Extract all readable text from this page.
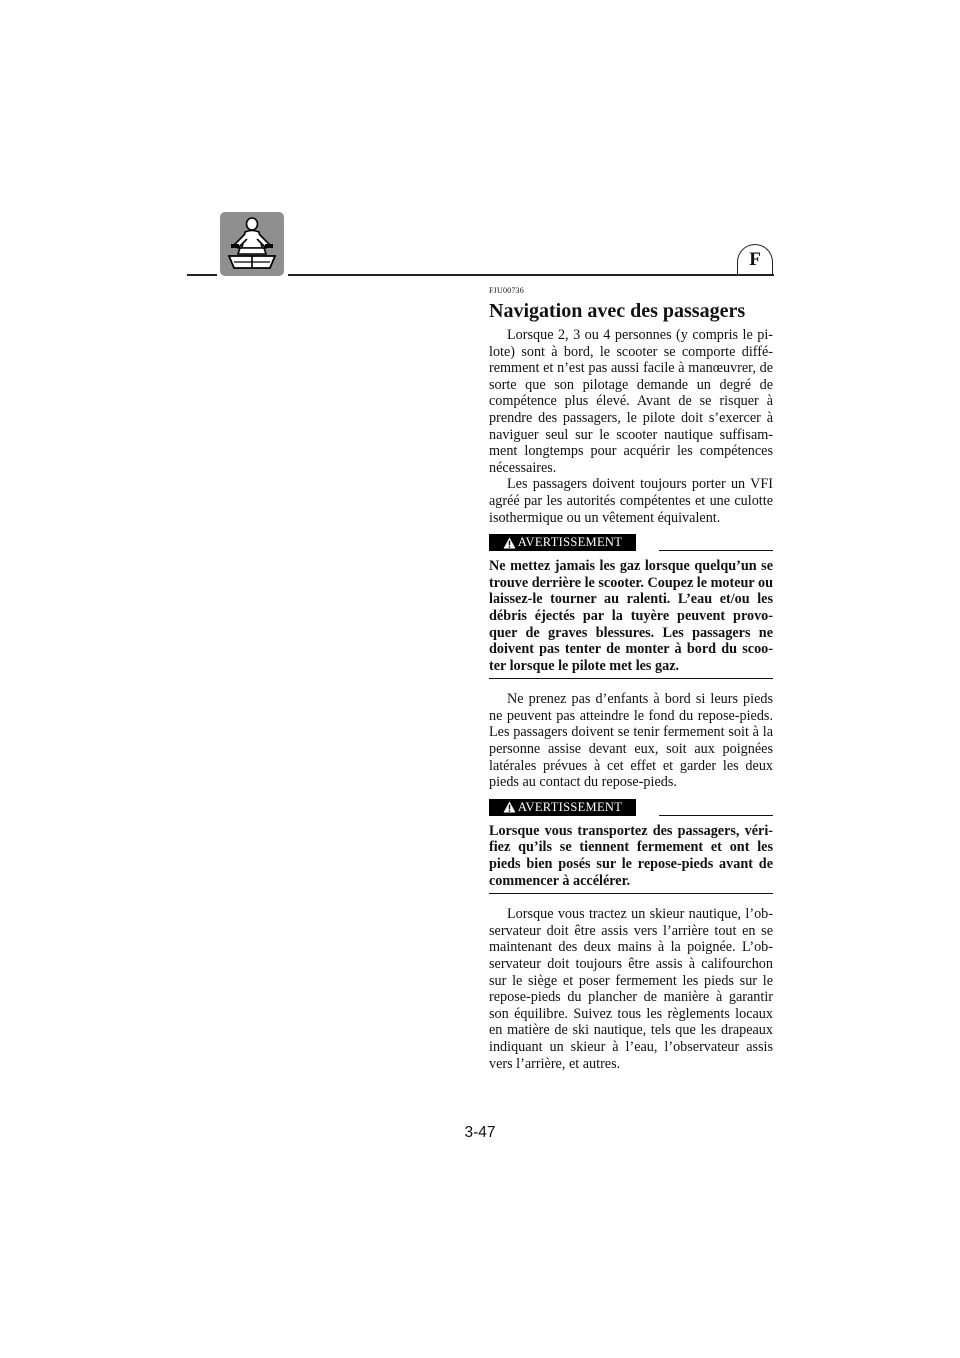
F
FJU00736
Navigation avec des passagers

Lorsque 2, 3 ou 4 personnes (y compris le pi-lote) sont à bord, le scooter se comporte diffé-remment et n’est pas aussi facile à manœuvrer, de sorte que son pilotage demande un degré de compétence plus élevé. Avant de se risquer à prendre des passagers, le pilote doit s’exercer à naviguer seul sur le scooter nautique suffisam-ment longtemps pour acquérir les compétences nécessaires.

Les passagers doivent toujours porter un VFI agréé par les autorités compétentes et une culotte isothermique ou un vêtement équivalent.

AVERTISSEMENT

Ne mettez jamais les gaz lorsque quelqu’un se trouve derrière le scooter. Coupez le moteur ou laissez-le tourner au ralenti. L’eau et/ou les débris éjectés par la tuyère peuvent provo-quer de graves blessures. Les passagers ne doivent pas tenter de monter à bord du scoo-ter lorsque le pilote met les gaz.

Ne prenez pas d’enfants à bord si leurs pieds ne peuvent pas atteindre le fond du repose-pieds. Les passagers doivent se tenir fermement soit à la personne assise devant eux, soit aux poignées latérales prévues à cet effet et garder les deux pieds au contact du repose-pieds.

AVERTISSEMENT

Lorsque vous transportez des passagers, véri-fiez qu’ils se tiennent fermement et ont les pieds bien posés sur le repose-pieds avant de commencer à accélérer.

Lorsque vous tractez un skieur nautique, l’ob-servateur doit être assis vers l’arrière tout en se maintenant des deux mains à la poignée. L’ob-servateur doit toujours être assis à califourchon sur le siège et poser fermement les pieds sur le repose-pieds du plancher de manière à garantir son équilibre. Suivez tous les règlements locaux en matière de ski nautique, tels que les drapeaux indiquant un skieur à l’eau, l’observateur assis vers l’arrière, et autres.

3-47
